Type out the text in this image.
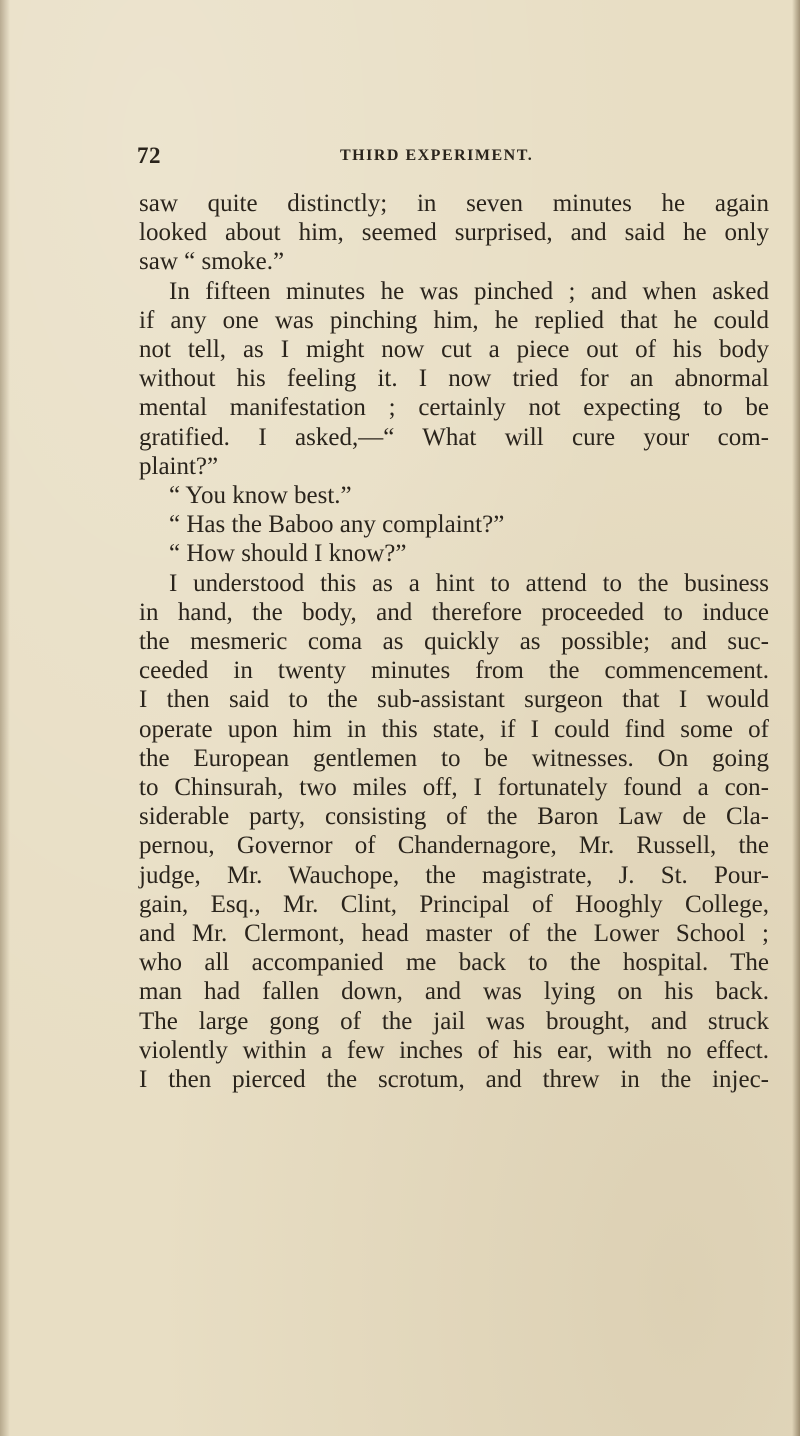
72	THIRD EXPERIMENT.
saw quite distinctly; in seven minutes he again
looked about him, seemed surprised, and said he only
saw “ smoke.”
In fifteen minutes he was pinched ; and when asked
if any one was pinching him, he replied that he could
not tell, as I might now cut a piece out of his body
without his feeling it. I now tried for an abnormal
mental manifestation ; certainly not expecting to be
gratified. I asked,—“ What will cure your com-
plaint?”
“ You know best.”
“ Has the Baboo any complaint?”
“ How should I know?”
I understood this as a hint to attend to the business
in hand, the body, and therefore proceeded to induce
the mesmeric coma as quickly as possible; and suc-
ceeded in twenty minutes from the commencement.
I then said to the sub-assistant surgeon that I would
operate upon him in this state, if I could find some of
the European gentlemen to be witnesses. On going
to Chinsurah, two miles off, I fortunately found a con-
siderable party, consisting of the Baron Law de Cla-
pernou, Governor of Chandernagore, Mr. Russell, the
judge, Mr. Wauchope, the magistrate, J. St. Pour-
gain, Esq., Mr. Clint, Principal of Hooghly College,
and Mr. Clermont, head master of the Lower School ;
who all accompanied me back to the hospital. The
man had fallen down, and was lying on his back.
The large gong of the jail was brought, and struck
violently within a few inches of his ear, with no effect.
I then pierced the scrotum, and threw in the injec-
